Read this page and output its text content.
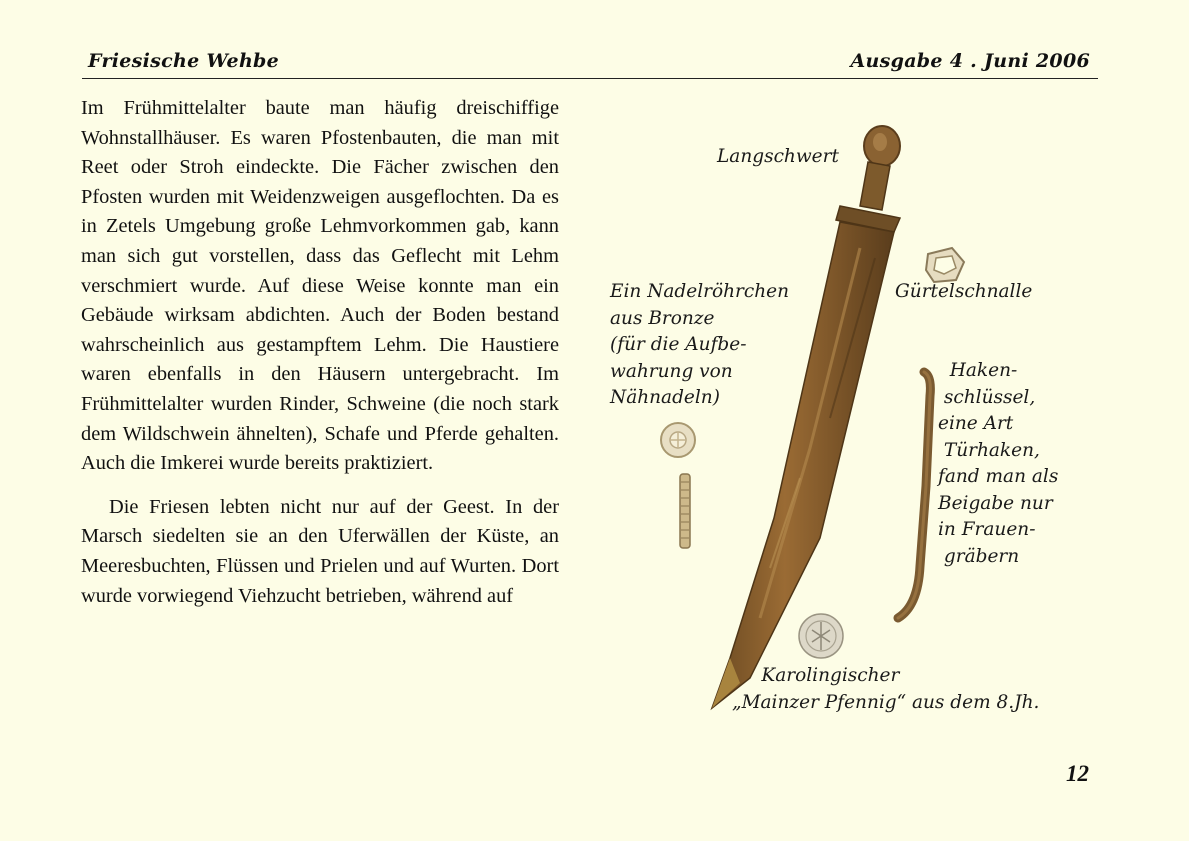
Friesische Wehbe	Ausgabe 4 . Juni 2006

Im Frühmittelalter baute man häufig dreischiffige Wohnstallhäuser. Es waren Pfostenbauten, die man mit Reet oder Stroh eindeckte. Die Fächer zwischen den Pfosten wurden mit Weidenzweigen ausgeflochten. Da es in Zetels Umgebung große Lehmvorkommen gab, kann man sich gut vorstellen, dass das Geflecht mit Lehm verschmiert wurde. Auf diese Weise konnte man ein Gebäude wirksam abdichten. Auch der Boden bestand wahrscheinlich aus gestampftem Lehm. Die Haustiere waren ebenfalls in den Häusern untergebracht. Im Frühmittelalter wurden Rinder, Schweine (die noch stark dem Wildschwein ähnelten), Schafe und Pferde gehalten. Auch die Imkerei wurde bereits praktiziert.

Die Friesen lebten nicht nur auf der Geest. In der Marsch siedelten sie an den Uferwällen der Küste, an Meeresbuchten, Flüssen und Prielen und auf Wurten. Dort wurde vorwiegend Viehzucht betrieben, während auf

Langschwert
Ein Nadelröhrchen
aus Bronze
(für die Aufbe-
wahrung von
Nähnadeln)
Gürtelschnalle
Haken-
schlüssel,
eine Art
Türhaken,
fand man als
Beigabe nur
in Frauen-
gräbern
Karolingischer
„Mainzer Pfennig“ aus dem 8.Jh.
12
